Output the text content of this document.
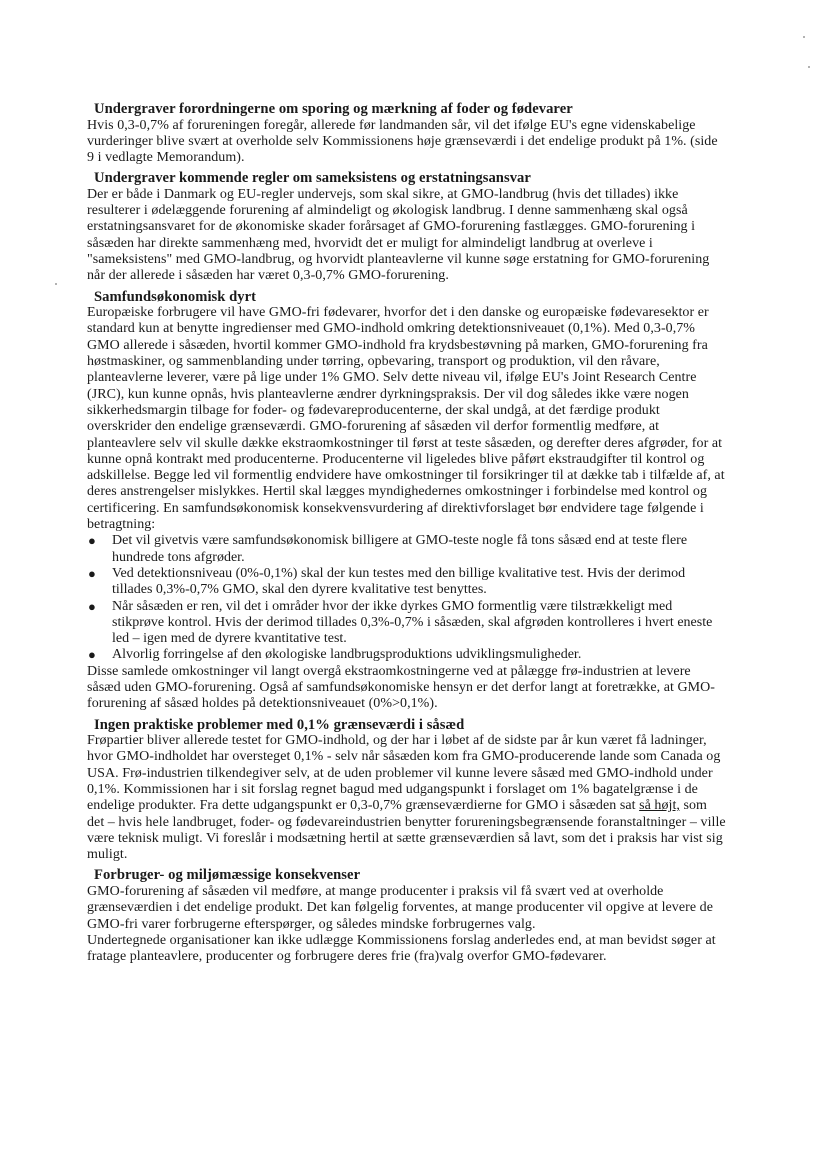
Undergraver forordningerne om sporing og mærkning af foder og fødevarer

Hvis 0,3-0,7% af forureningen foregår, allerede før landmanden sår, vil det ifølge EU's egne videnskabelige vurderinger blive svært at overholde selv Kommissionens høje grænseværdi i det endelige produkt på 1%. (side 9 i vedlagte Memorandum).

Undergraver kommende regler om sameksistens og erstatningsansvar

Der er både i Danmark og EU-regler undervejs, som skal sikre, at GMO-landbrug (hvis det tillades) ikke resulterer i ødelæggende forurening af almindeligt og økologisk landbrug. I denne sammenhæng skal også erstatningsansvaret for de økonomiske skader forårsaget af GMO-forurening fastlægges. GMO-forurening i såsæden har direkte sammenhæng med, hvorvidt det er muligt for almindeligt landbrug at overleve i "sameksistens" med GMO-landbrug, og hvorvidt planteavlerne vil kunne søge erstatning for GMO-forurening når der allerede i såsæden har været 0,3-0,7% GMO-forurening.

Samfundsøkonomisk dyrt

Europæiske forbrugere vil have GMO-fri fødevarer, hvorfor det i den danske og europæiske fødevaresektor er standard kun at benytte ingredienser med GMO-indhold omkring detektionsniveauet (0,1%). Med 0,3-0,7% GMO allerede i såsæden, hvortil kommer GMO-indhold fra krydsbestøvning på marken, GMO-forurening fra høstmaskiner, og sammenblanding under tørring, opbevaring, transport og produktion, vil den råvare, planteavlerne leverer, være på lige under 1% GMO. Selv dette niveau vil, ifølge EU's Joint Research Centre (JRC), kun kunne opnås, hvis planteavlerne ændrer dyrkningspraksis. Der vil dog således ikke være nogen sikkerhedsmargin tilbage for foder- og fødevareproducenterne, der skal undgå, at det færdige produkt overskrider den endelige grænseværdi. GMO-forurening af såsæden vil derfor formentlig medføre, at planteavlere selv vil skulle dække ekstraomkostninger til først at teste såsæden, og derefter deres afgrøder, for at kunne opnå kontrakt med producenterne. Producenterne vil ligeledes blive påført ekstraudgifter til kontrol og adskillelse. Begge led vil formentlig endvidere have omkostninger til forsikringer til at dække tab i tilfælde af, at deres anstrengelser mislykkes. Hertil skal lægges myndighedernes omkostninger i forbindelse med kontrol og certificering. En samfundsøkonomisk konsekvensvurdering af direktivforslaget bør endvidere tage følgende i betragtning:

● Det vil givetvis være samfundsøkonomisk billigere at GMO-teste nogle få tons såsæd end at teste flere hundrede tons afgrøder.
● Ved detektionsniveau (0%-0,1%) skal der kun testes med den billige kvalitative test. Hvis der derimod tillades 0,3%-0,7% GMO, skal den dyrere kvalitative test benyttes.
● Når såsæden er ren, vil det i områder hvor der ikke dyrkes GMO formentlig være tilstrækkeligt med stikprøve kontrol. Hvis der derimod tillades 0,3%-0,7% i såsæden, skal afgrøden kontrolleres i hvert eneste led – igen med de dyrere kvantitative test.
● Alvorlig forringelse af den økologiske landbrugsproduktions udviklingsmuligheder.

Disse samlede omkostninger vil langt overgå ekstraomkostningerne ved at pålægge frø-industrien at levere såsæd uden GMO-forurening. Også af samfundsøkonomiske hensyn er det derfor langt at foretrække, at GMO-forurening af såsæd holdes på detektionsniveauet (0%>0,1%).

Ingen praktiske problemer med 0,1% grænseværdi i såsæd

Frøpartier bliver allerede testet for GMO-indhold, og der har i løbet af de sidste par år kun været få ladninger, hvor GMO-indholdet har oversteget 0,1% - selv når såsæden kom fra GMO-producerende lande som Canada og USA. Frø-industrien tilkendegiver selv, at de uden problemer vil kunne levere såsæd med GMO-indhold under 0,1%. Kommissionen har i sit forslag regnet bagud med udgangspunkt i forslaget om 1% bagatelgrænse i de endelige produkter. Fra dette udgangspunkt er 0,3-0,7% grænseværdierne for GMO i såsæden sat så højt, som det – hvis hele landbruget, foder- og fødevareindustrien benytter forureningsbegrænsende foranstaltninger – ville være teknisk muligt. Vi foreslår i modsætning hertil at sætte grænseværdien så lavt, som det i praksis har vist sig muligt.

Forbruger- og miljømæssige konsekvenser

GMO-forurening af såsæden vil medføre, at mange producenter i praksis vil få svært ved at overholde grænseværdien i det endelige produkt. Det kan følgelig forventes, at mange producenter vil opgive at levere de GMO-fri varer forbrugerne efterspørger, og således mindske forbrugernes valg.

Undertegnede organisationer kan ikke udlægge Kommissionens forslag anderledes end, at man bevidst søger at fratage planteavlere, producenter og forbrugere deres frie (fra)valg overfor GMO-fødevarer.
